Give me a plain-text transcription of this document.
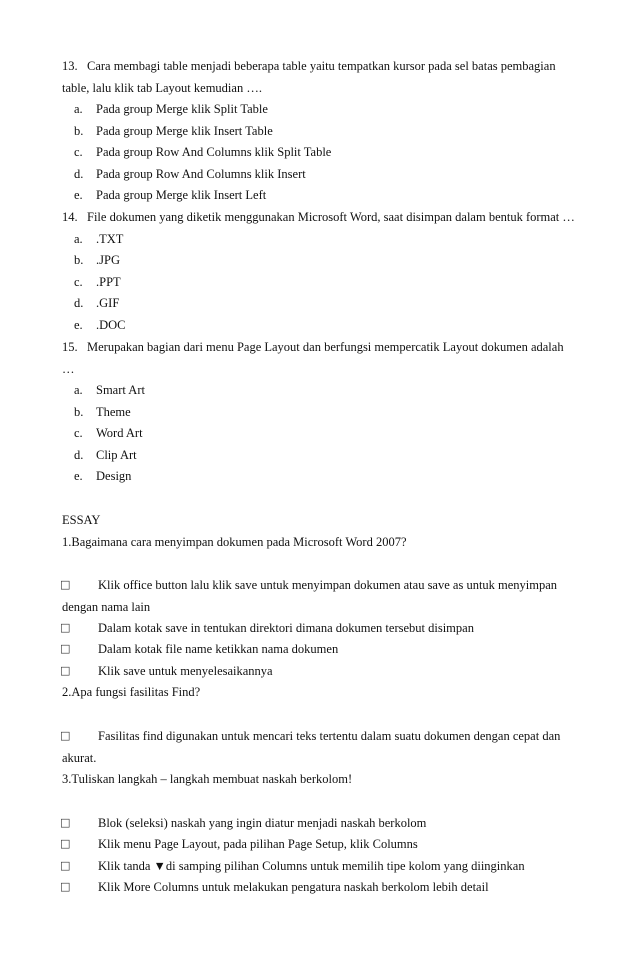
13. Cara membagi table menjadi beberapa table yaitu tempatkan kursor pada sel batas pembagian
table, lalu klik tab Layout kemudian ….
a. Pada group Merge klik Split Table
b. Pada group Merge klik Insert Table
c. Pada group Row And Columns klik Split Table
d. Pada group Row And Columns klik Insert
e. Pada group Merge klik Insert Left
14. File dokumen yang diketik menggunakan Microsoft Word, saat disimpan dalam bentuk format …
a. .TXT
b. .JPG
c. .PPT
d. .GIF
e. .DOC
15. Merupakan bagian dari menu Page Layout dan berfungsi mempercatik Layout dokumen adalah
…
a. Smart Art
b. Theme
c. Word Art
d. Clip Art
e. Design
ESSAY
1.Bagaimana cara menyimpan dokumen pada Microsoft Word 2007?
□ Klik office button lalu klik save untuk menyimpan dokumen atau save as untuk menyimpan
dengan nama lain
□ Dalam kotak save in tentukan direktori dimana dokumen tersebut disimpan
□ Dalam kotak file name ketikkan nama dokumen
□ Klik save untuk menyelesaikannya
2.Apa fungsi fasilitas Find?
□ Fasilitas find digunakan untuk mencari teks tertentu dalam suatu dokumen dengan cepat dan
akurat.
3.Tuliskan langkah – langkah membuat naskah berkolom!
□ Blok (seleksi) naskah yang ingin diatur menjadi naskah berkolom
□ Klik menu Page Layout, pada pilihan Page Setup, klik Columns
□ Klik tanda ▼di samping pilihan Columns untuk memilih tipe kolom yang diinginkan
□ Klik More Columns untuk melakukan pengatura naskah berkolom lebih detail
